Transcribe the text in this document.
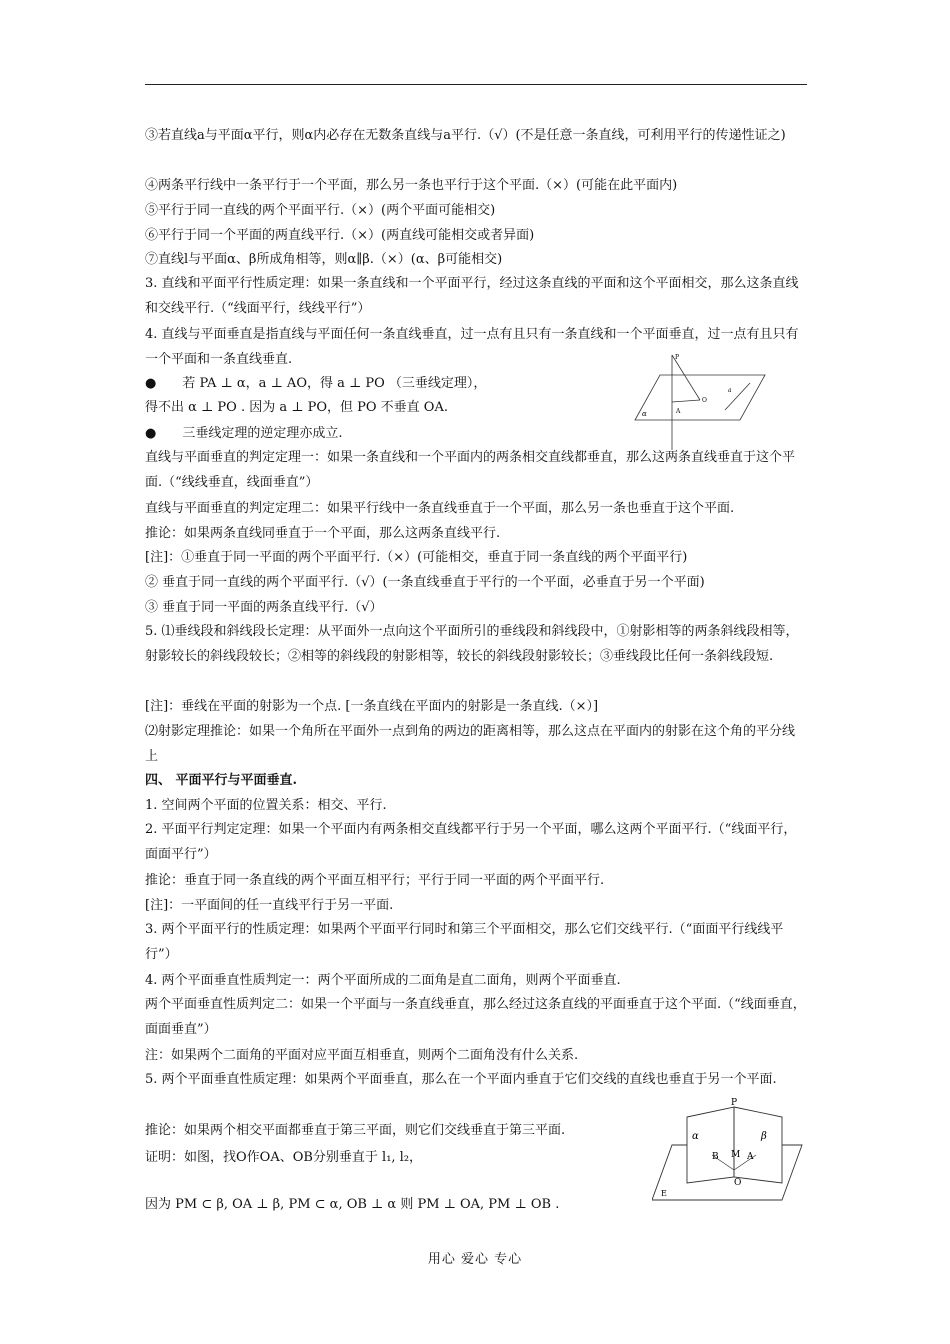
③若直线a与平面α平行，则α内必存在无数条直线与a平行.（√）(不是任意一条直线，可利用平行的传递性证之)
④两条平行线中一条平行于一个平面，那么另一条也平行于这个平面.（×）(可能在此平面内)
⑤平行于同一直线的两个平面平行.（×）(两个平面可能相交)
⑥平行于同一个平面的两直线平行.（×）(两直线可能相交或者异面)
⑦直线l与平面α、β所成角相等，则α∥β.（×）(α、β可能相交)
3. 直线和平面平行性质定理：如果一条直线和一个平面平行，经过这条直线的平面和这个平面相交，那么这条直线和交线平行.（“线面平行，线线平行”）
4. 直线与平面垂直是指直线与平面任何一条直线垂直，过一点有且只有一条直线和一个平面垂直，过一点有且只有一个平面和一条直线垂直.
●　　若 PA ⊥ α，a ⊥ AO，得 a ⊥ PO （三垂线定理），
得不出 α ⊥ PO . 因为 a ⊥ PO，但 PO 不垂直 OA.
●　　三垂线定理的逆定理亦成立.
直线与平面垂直的判定定理一：如果一条直线和一个平面内的两条相交直线都垂直，那么这两条直线垂直于这个平面.（“线线垂直，线面垂直”）
直线与平面垂直的判定定理二：如果平行线中一条直线垂直于一个平面，那么另一条也垂直于这个平面.
推论：如果两条直线同垂直于一个平面，那么这两条直线平行.
[注]：①垂直于同一平面的两个平面平行.（×）(可能相交，垂直于同一条直线的两个平面平行)
② 垂直于同一直线的两个平面平行.（√）(一条直线垂直于平行的一个平面，必垂直于另一个平面)
③ 垂直于同一平面的两条直线平行.（√）
5. ⑴垂线段和斜线段长定理：从平面外一点向这个平面所引的垂线段和斜线段中，①射影相等的两条斜线段相等，射影较长的斜线段较长；②相等的斜线段的射影相等，较长的斜线段射影较长；③垂线段比任何一条斜线段短.
[注]：垂线在平面的射影为一个点. [一条直线在平面内的射影是一条直线.（×）]
⑵射影定理推论：如果一个角所在平面外一点到角的两边的距离相等，那么这点在平面内的射影在这个角的平分线上
四、 平面平行与平面垂直.
1. 空间两个平面的位置关系：相交、平行.
2. 平面平行判定定理：如果一个平面内有两条相交直线都平行于另一个平面，哪么这两个平面平行.（“线面平行，面面平行”）
推论：垂直于同一条直线的两个平面互相平行；平行于同一平面的两个平面平行.
[注]：一平面间的任一直线平行于另一平面.
3. 两个平面平行的性质定理：如果两个平面平行同时和第三个平面相交，那么它们交线平行.（“面面平行线线平行”）
4. 两个平面垂直性质判定一：两个平面所成的二面角是直二面角，则两个平面垂直.
两个平面垂直性质判定二：如果一个平面与一条直线垂直，那么经过这条直线的平面垂直于这个平面.（“线面垂直，面面垂直”）
注：如果两个二面角的平面对应平面互相垂直，则两个二面角没有什么关系.
5. 两个平面垂直性质定理：如果两个平面垂直，那么在一个平面内垂直于它们交线的直线也垂直于另一个平面.
推论：如果两个相交平面都垂直于第三平面，则它们交线垂直于第三平面.
证明：如图，找O作OA、OB分别垂直于 l₁, l₂，
因为 PM ⊂ β, OA ⊥ β, PM ⊂ α, OB ⊥ α 则 PM ⊥ OA, PM ⊥ OB .
P
α
O
a
A
P
α	β
B M A
O
E
用心 爱心 专心
